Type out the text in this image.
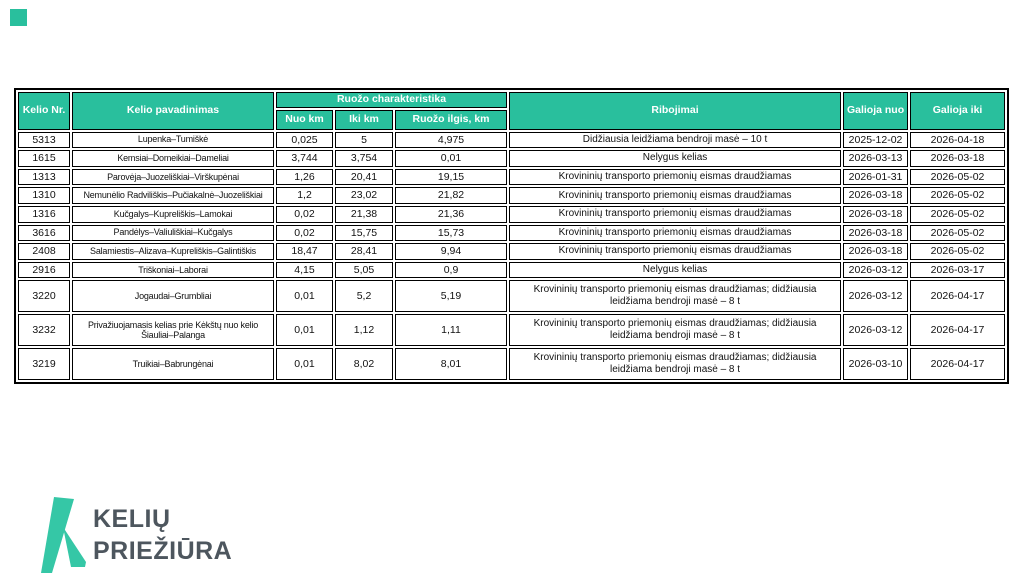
Kelio Nr.	Kelio pavadinimas	Ruožo charakteristika			Ribojimai	Galioja nuo	Galioja iki
		Nuo km	Iki km	Ruožo ilgis, km			
5313	Lupenka–Tumiškė	0,025	5	4,975	Didžiausia leidžiama bendroji masė – 10 t	2025-12-02	2026-04-18
1615	Kemsiai–Domeikiai–Dameliai	3,744	3,754	0,01	Nelygus kelias	2026-03-13	2026-03-18
1313	Parovėja–Juozeliškiai–Virškupėnai	1,26	20,41	19,15	Krovininių transporto priemonių eismas draudžiamas	2026-01-31	2026-05-02
1310	Nemunėlio Radviliškis–Pučiakalnė–Juozeliškiai	1,2	23,02	21,82	Krovininių transporto priemonių eismas draudžiamas	2026-03-18	2026-05-02
1316	Kučgalys–Kupreliškis–Lamokai	0,02	21,38	21,36	Krovininių transporto priemonių eismas draudžiamas	2026-03-18	2026-05-02
3616	Pandėlys–Valiuliškiai–Kučgalys	0,02	15,75	15,73	Krovininių transporto priemonių eismas draudžiamas	2026-03-18	2026-05-02
2408	Salamiestis–Alizava–Kupreliškis–Galintiškis	18,47	28,41	9,94	Krovininių transporto priemonių eismas draudžiamas	2026-03-18	2026-05-02
2916	Triškoniai–Laborai	4,15	5,05	0,9	Nelygus kelias	2026-03-12	2026-03-17
3220	Jogaudai–Grumbliai	0,01	5,2	5,19	Krovininių transporto priemonių eismas draudžiamas; didžiausia leidžiama bendroji masė – 8 t	2026-03-12	2026-04-17
3232	Privažiuojamasis kelias prie Kėkštų nuo kelio Šiauliai–Palanga	0,01	1,12	1,11	Krovininių transporto priemonių eismas draudžiamas; didžiausia leidžiama bendroji masė – 8 t	2026-03-12	2026-04-17
3219	Truikiai–Babrungėnai	0,01	8,02	8,01	Krovininių transporto priemonių eismas draudžiamas; didžiausia leidžiama bendroji masė – 8 t	2026-03-10	2026-04-17
KELIŲ
PRIEŽIŪRA
